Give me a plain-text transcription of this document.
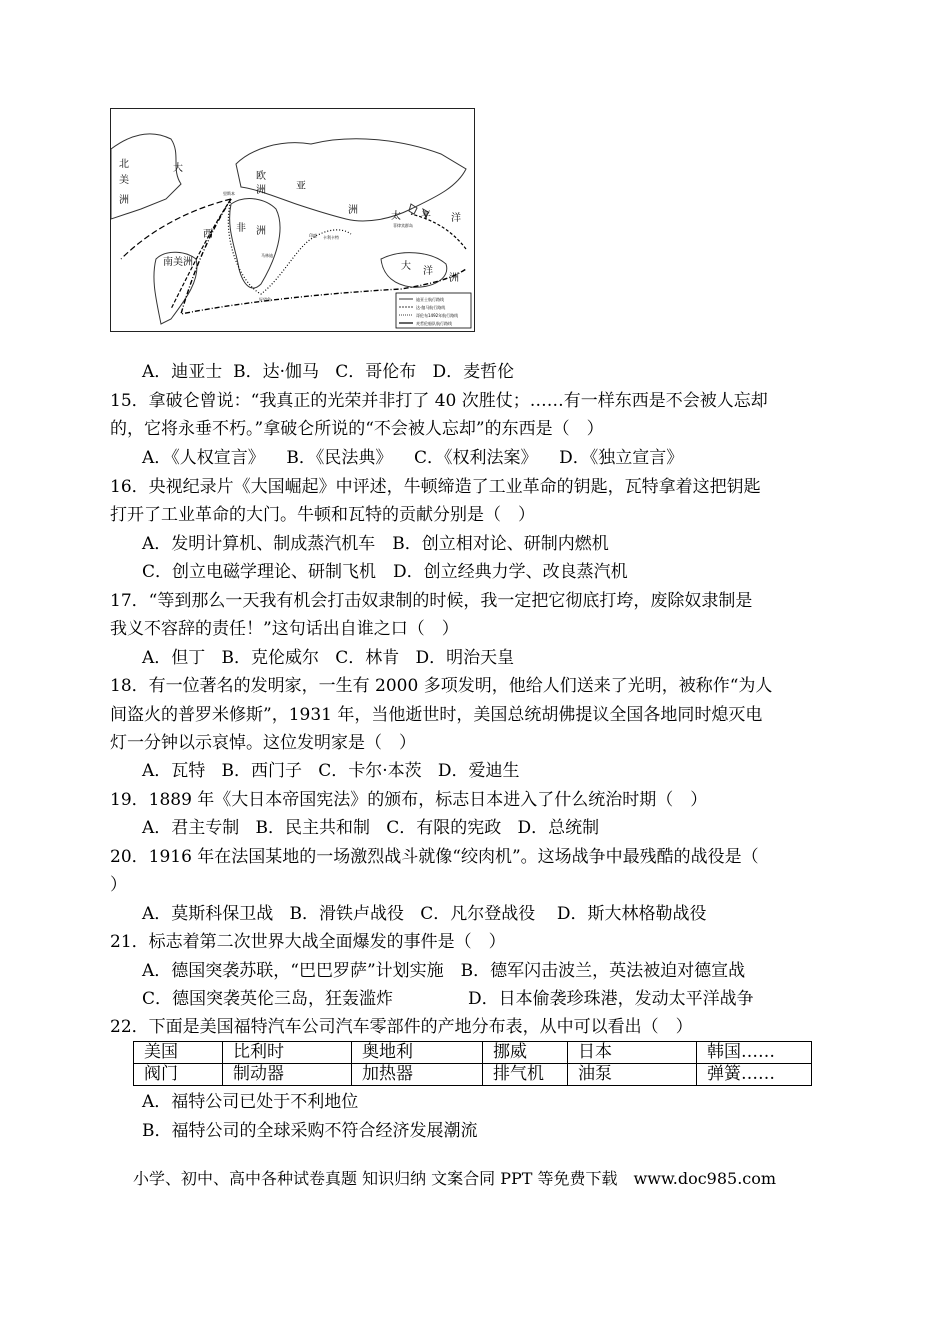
北
美
洲
大
欧
洲	亚
洲
非 洲
西
南美洲
太 平 洋
大 洋
洲
好望角
菲律宾群岛
马林迪
里斯本
印度 卡利卡特
迪亚士航行路线
达·伽马航行路线
哥伦布1492年航行路线
麦哲伦船队航行路线
A．迪亚士 B．达·伽马 C．哥伦布 D．麦哲伦
15．拿破仑曾说：“我真正的光荣并非打了 40 次胜仗；……有一样东西是不会被人忘却
的，它将永垂不朽。”拿破仑所说的“不会被人忘却”的东西是（　）
A．《人权宣言》 B．《民法典》 C．《权利法案》 D．《独立宣言》
16．央视纪录片《大国崛起》中评述，牛顿缔造了工业革命的钥匙，瓦特拿着这把钥匙
打开了工业革命的大门。牛顿和瓦特的贡献分别是（　）
A．发明计算机、制成蒸汽机车　B．创立相对论、研制内燃机
C．创立电磁学理论、研制飞机　D．创立经典力学、改良蒸汽机
17．“等到那么一天我有机会打击奴隶制的时候，我一定把它彻底打垮，废除奴隶制是
我义不容辞的责任！”这句话出自谁之口（　）
A．但丁 B．克伦威尔 C．林肯 D．明治天皇
18．有一位著名的发明家，一生有 2000 多项发明，他给人们送来了光明，被称作“为人
间盗火的普罗米修斯”，1931 年，当他逝世时，美国总统胡佛提议全国各地同时熄灭电
灯一分钟以示哀悼。这位发明家是（　）
A．瓦特 B．西门子 C．卡尔·本茨 D．爱迪生
19．1889 年《大日本帝国宪法》的颁布，标志日本进入了什么统治时期（　）
A．君主专制 B．民主共和制 C．有限的宪政 D．总统制
20．1916 年在法国某地的一场激烈战斗就像“绞肉机”。这场战争中最残酷的战役是（
）
A．莫斯科保卫战 B．滑铁卢战役 C．凡尔登战役 D．斯大林格勒战役
21．标志着第二次世界大战全面爆发的事件是（　）
A．德国突袭苏联，“巴巴罗萨”计划实施　B．德军闪击波兰，英法被迫对德宣战
C．德国突袭英伦三岛，狂轰滥炸	D．日本偷袭珍珠港，发动太平洋战争
22．下面是美国福特汽车公司汽车零部件的产地分布表，从中可以看出（　）
美国	比利时	奥地利	挪威	日本	韩国……
阀门	制动器	加热器	排气机	油泵	弹簧……
A．福特公司已处于不利地位
B．福特公司的全球采购不符合经济发展潮流
小学、初中、高中各种试卷真题 知识归纳 文案合同 PPT 等免费下载　www.doc985.com
